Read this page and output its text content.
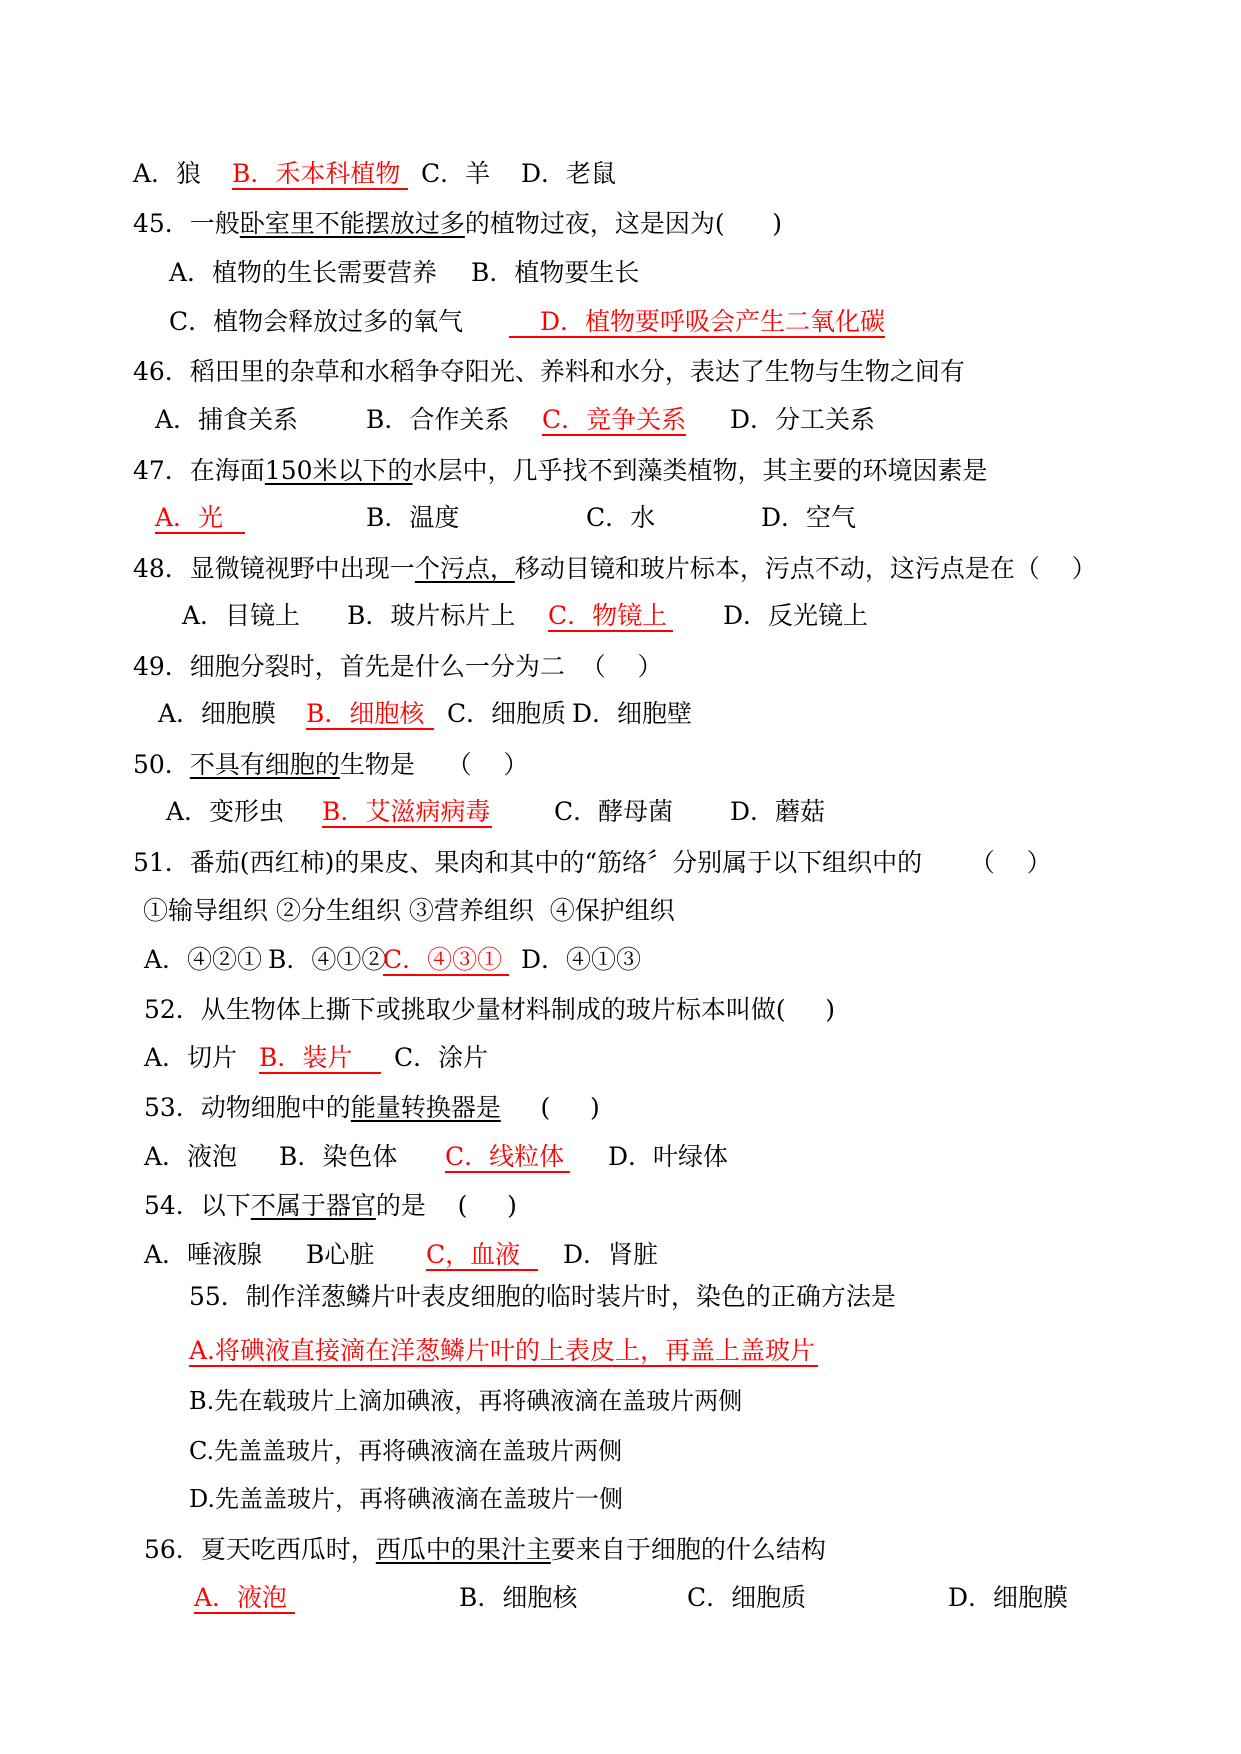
A．狼

B．禾本科植物

C．羊

D．老鼠

45．一般卧室里不能摆放过多的植物过夜，这是因为(      )

A．植物的生长需要营养

B．植物要生长

C．植物会释放过多的氧气

	D．植物要呼吸会产生二氧化碳

46．稻田里的杂草和水稻争夺阳光、养料和水分，表达了生物与生物之间有

A．捕食关系

	B．合作关系

C．竞争关系

D．分工关系

47．在海面150米以下的水层中，几乎找不到藻类植物，其主要的环境因素是

A．光

	B．温度

	C．水

	D．空气

48．显微镜视野中出现一个污点，移动目镜和玻片标本，污点不动，这污点是在（    ）

A．目镜上

B．玻片标片上

C．物镜上

D．反光镜上

49．细胞分裂时，首先是什么一分为二  （    ）

A．细胞膜

B．细胞核

C．细胞质

D．细胞壁

50．不具有细胞的生物是    （    ）

A．变形虫

B．艾滋病病毒

	C．酵母菌

D．蘑菇

51．番茄(西红柿)的果皮、果肉和其中的“筋络〞分别属于以下组织中的      （    ）
①输导组织 ②分生组织 ③营养组织  ④保护组织

A．④②①

B．④①②

C．④③①

D．④①③

52．从生物体上撕下或挑取少量材料制成的玻片标本叫做(     )

A．切片

B．装片

	C．涂片

53．动物细胞中的能量转换器是     (     )

A．液泡

B．染色体

C．线粒体

D．叶绿体

54．以下不属于器官的是    (     )

A．唾液腺

B心脏

C，血液

	D．肾脏

55．制作洋葱鳞片叶表皮细胞的临时装片时，染色的正确方法是

A.将碘液直接滴在洋葱鳞片叶的上表皮上，再盖上盖玻片

B.先在载玻片上滴加碘液，再将碘液滴在盖玻片两侧

C.先盖盖玻片，再将碘液滴在盖玻片两侧

D.先盖盖玻片，再将碘液滴在盖玻片一侧

56．夏天吃西瓜时，西瓜中的果汁主要来自于细胞的什么结构

A．液泡

	B．细胞核

	C．细胞质

	D．细胞膜
